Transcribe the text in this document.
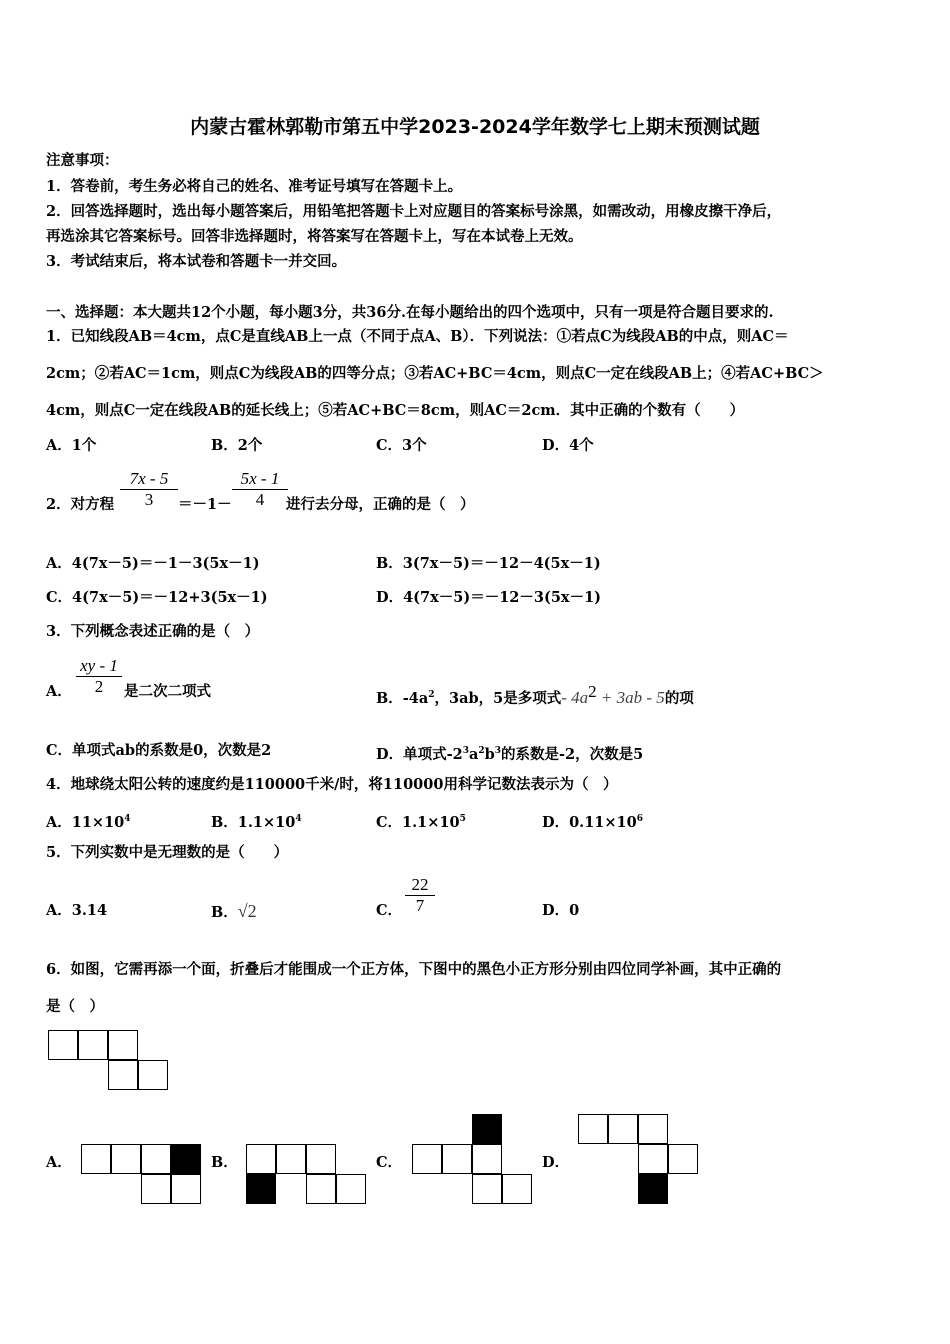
内蒙古霍林郭勒市第五中学2023-2024学年数学七上期末预测试题
注意事项：
1．答卷前，考生务必将自己的姓名、准考证号填写在答题卡上。
2．回答选择题时，选出每小题答案后，用铅笔把答题卡上对应题目的答案标号涂黑，如需改动，用橡皮擦干净后，
再选涂其它答案标号。回答非选择题时，将答案写在答题卡上，写在本试卷上无效。
3．考试结束后，将本试卷和答题卡一并交回。
一、选择题：本大题共12个小题，每小题3分，共36分.在每小题给出的四个选项中，只有一项是符合题目要求的.
1．已知线段AB＝4cm，点C是直线AB上一点（不同于点A、B）．下列说法：①若点C为线段AB的中点，则AC＝
2cm；②若AC＝1cm，则点C为线段AB的四等分点；③若AC+BC＝4cm，则点C一定在线段AB上；④若AC+BC＞
4cm，则点C一定在线段AB的延长线上；⑤若AC+BC＝8cm，则AC＝2cm．其中正确的个数有（　　）
A．1个	B．2个	C．3个	D．4个
2．对方程
7x - 5
3	＝－1－
5x - 1
4	进行去分母，正确的是（　）
A．4(7x－5)＝－1－3(5x－1)	B．3(7x－5)＝－12－4(5x－1)
C．4(7x－5)＝－12+3(5x－1)	D．4(7x－5)＝－12－3(5x－1)
3．下列概念表述正确的是（　）
A．
xy - 1
2	是二次二项式	B．$-4a^2$，3ab，5是多项式- $4a^2 + 3ab - 5$的项
C．单项式ab的系数是0，次数是2	D．单项式$-2^3a^2b^3$的系数是-2，次数是5
4．地球绕太阳公转的速度约是110000千米/时，将110000用科学记数法表示为（　）
A．$11\times 10^4$	B．$1.1\times 10^4$	C．$1.1\times 10^5$	D．$0.11\times 10^6$
5．下列实数中是无理数的是（　　）
A．3.14	B．√2	C．
22
7	D．0
6．如图，它需再添一个面，折叠后才能围成一个正方体，下图中的黑色小正方形分别由四位同学补画，其中正确的
是（　）
A．	B．	C．	D．
